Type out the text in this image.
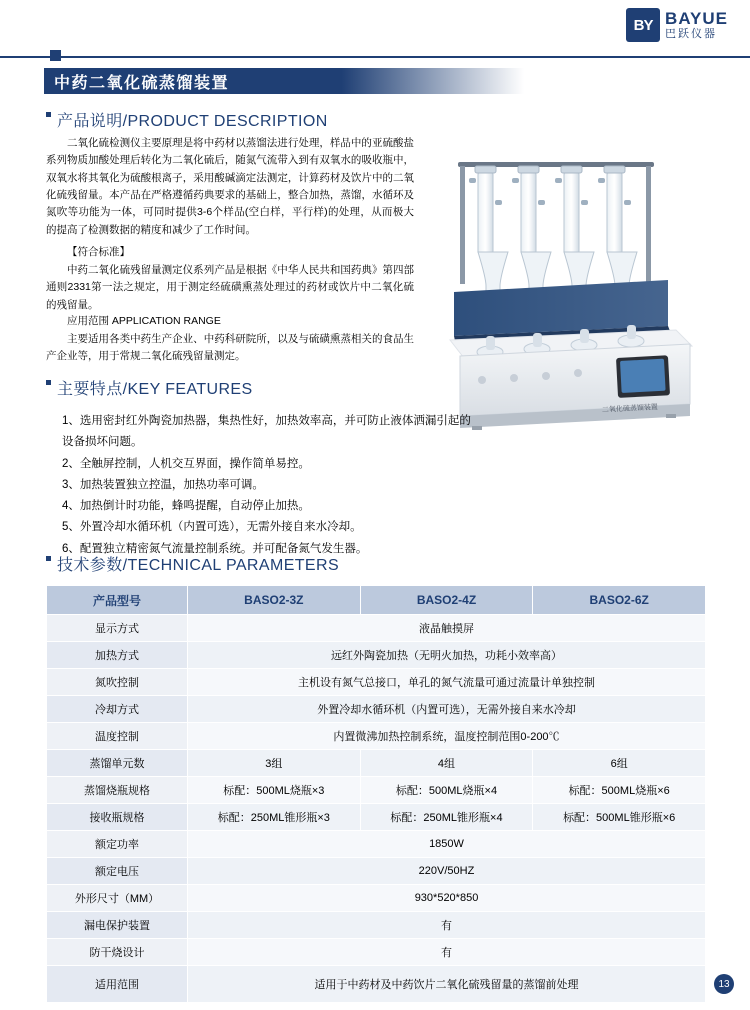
BY BAYUE
巴跃仪器
中药二氧化硫蒸馏装置
产品说明/PRODUCT DESCRIPTION

二氧化硫检测仪主要原理是将中药材以蒸馏法进行处理，样品中的亚硫酸盐系列物质加酸处理后转化为二氧化硫后，随氮气流带入到有双氧水的吸收瓶中，双氧水将其氧化为硫酸根离子，采用酸碱滴定法测定，计算药材及饮片中的二氧化硫残留量。本产品在严格遵循药典要求的基础上，整合加热，蒸馏，水循环及氮吹等功能为一体，可同时提供3-6个样品(空白样，平行样)的处理，从而极大的提高了检测数据的精度和减少了工作时间。

【符合标准】

中药二氧化硫残留量测定仪系列产品是根据《中华人民共和国药典》第四部通则2331第一法之规定，用于测定经硫磺熏蒸处理过的药材或饮片中二氧化硫的残留量。

应用范围 APPLICATION RANGE

主要适用各类中药生产企业、中药科研院所，以及与硫磺熏蒸相关的食品生产企业等，用于常规二氧化硫残留量测定。

二氧化硫蒸馏装置
主要特点/KEY FEATURES
1、选用密封红外陶瓷加热器，集热性好，加热效率高，并可防止液体洒漏引起的设备损坏问题。
2、全触屏控制，人机交互界面，操作简单易控。
3、加热装置独立控温，加热功率可调。
4、加热倒计时功能，蜂鸣提醒，自动停止加热。
5、外置冷却水循环机（内置可选），无需外接自来水冷却。
6、配置独立精密氮气流量控制系统。并可配备氮气发生器。
技术参数/TECHNICAL PARAMETERS
产品型号	BASO2-3Z	BASO2-4Z	BASO2-6Z
显示方式	液晶触摸屏		
加热方式	远红外陶瓷加热（无明火加热，功耗小效率高）		
氮吹控制	主机设有氮气总接口，单孔的氮气流量可通过流量计单独控制		
冷却方式	外置冷却水循环机（内置可选），无需外接自来水冷却		
温度控制	内置微沸加热控制系统，温度控制范围0-200℃		
蒸馏单元数	3组	4组	6组
蒸馏烧瓶规格	标配：500ML烧瓶×3	标配：500ML烧瓶×4	标配：500ML烧瓶×6
接收瓶规格	标配：250ML锥形瓶×3	标配：250ML锥形瓶×4	标配：500ML锥形瓶×6
额定功率	1850W		
额定电压	220V/50HZ		
外形尺寸（MM）	930*520*850		
漏电保护装置	有		
防干烧设计	有		
适用范围	适用于中药材及中药饮片二氧化硫残留量的蒸馏前处理			13
